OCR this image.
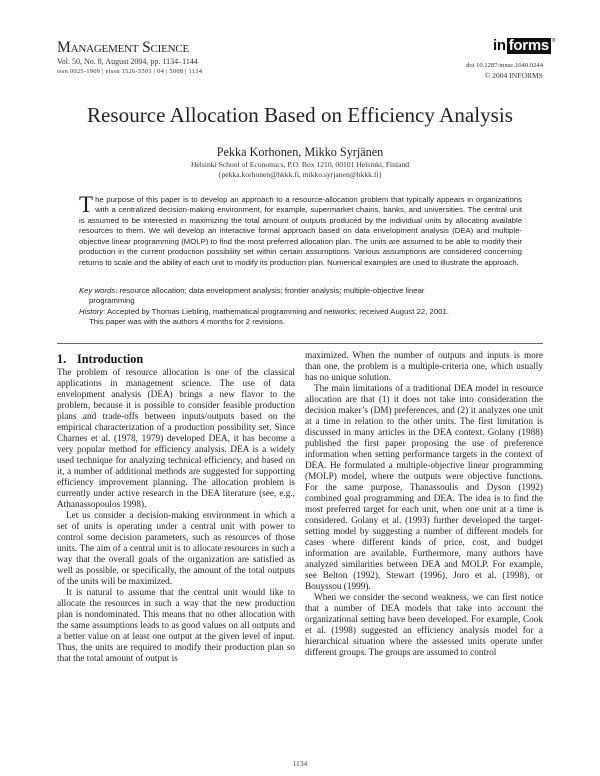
Management Science
Vol. 50, No. 8, August 2004, pp. 1134–1144
issn 0025-1909 | eissn 1526-5501 | 04 | 5008 | 1134
in forms ®
doi 10.1287/mnsc.1040.0244
© 2004 INFORMS
Resource Allocation Based on Efficiency Analysis
Pekka Korhonen, Mikko Syrjänen
Helsinki School of Economics, P.O. Box 1210, 00101 Helsinki, Finland
{pekka.korhonen@hkkk.fi, mikko.syrjanen@hkkk.fi}

The purpose of this paper is to develop an approach to a resource-allocation problem that typically appears in organizations with a centralized decision-making environment, for example, supermarket chains, banks, and universities. The central unit is assumed to be interested in maximizing the total amount of outputs produced by the individual units by allocating available resources to them. We will develop an interactive formal approach based on data envelopment analysis (DEA) and multiple-objective linear programming (MOLP) to find the most preferred allocation plan. The units are assumed to be able to modify their production in the current production possibility set within certain assumptions. Various assumptions are considered concerning returns to scale and the ability of each unit to modify its production plan. Numerical examples are used to illustrate the approach.

Key words: resource allocation; data envelopment analysis; frontier analysis; multiple-objective linear
programming
History: Accepted by Thomas Liebling, mathematical programming and networks; received August 22, 2001.
This paper was with the authors 4 months for 2 revisions.
1. Introduction

The problem of resource allocation is one of the classical applications in management science. The use of data envelopment analysis (DEA) brings a new flavor to the problem, because it is possible to consider feasible production plans and trade-offs between inputs/outputs based on the empirical characterization of a production possibility set. Since Charnes et al. (1978, 1979) developed DEA, it has become a very popular method for efficiency analysis. DEA is a widely used technique for analyzing technical efficiency, and based on it, a number of additional methods are suggested for supporting efficiency improvement planning. The allocation problem is currently under active research in the DEA literature (see, e.g., Athanassopoulos 1998).

Let us consider a decision-making environment in which a set of units is operating under a central unit with power to control some decision parameters, such as resources of those units. The aim of a central unit is to allocate resources in such a way that the overall goals of the organization are satisfied as well as possible, or specifically, the amount of the total outputs of the units will be maximized.

It is natural to assume that the central unit would like to allocate the resources in such a way that the new production plan is nondominated. This means that no other allocation with the same assumptions leads to as good values on all outputs and a better value on at least one output at the given level of input. Thus, the units are required to modify their production plan so that the total amount of output is

maximized. When the number of outputs and inputs is more than one, the problem is a multiple-criteria one, which usually has no unique solution.

The main limitations of a traditional DEA model in resource allocation are that (1) it does not take into consideration the decision maker’s (DM) preferences, and (2) it analyzes one unit at a time in relation to the other units. The first limitation is discussed in many articles in the DEA context. Golany (1988) published the first paper proposing the use of preference information when setting performance targets in the context of DEA. He formulated a multiple-objective linear programming (MOLP) model, where the outputs were objective functions. For the same purpose, Thanassoulis and Dyson (1992) combined goal programming and DEA. The idea is to find the most preferred target for each unit, when one unit at a time is considered. Golany et al. (1993) further developed the target-setting model by suggesting a number of different models for cases where different kinds of price, cost, and budget information are available. Furthermore, many authors have analyzed similarities between DEA and MOLP. For example, see Belton (1992), Stewart (1996), Joro et al. (1998), or Bouyssou (1999).

When we consider the second weakness, we can first notice that a number of DEA models that take into account the organizational setting have been developed. For example, Cook et al. (1998) suggested an efficiency analysis model for a hierarchical situation where the assessed units operate under different groups. The groups are assumed to control

1134
